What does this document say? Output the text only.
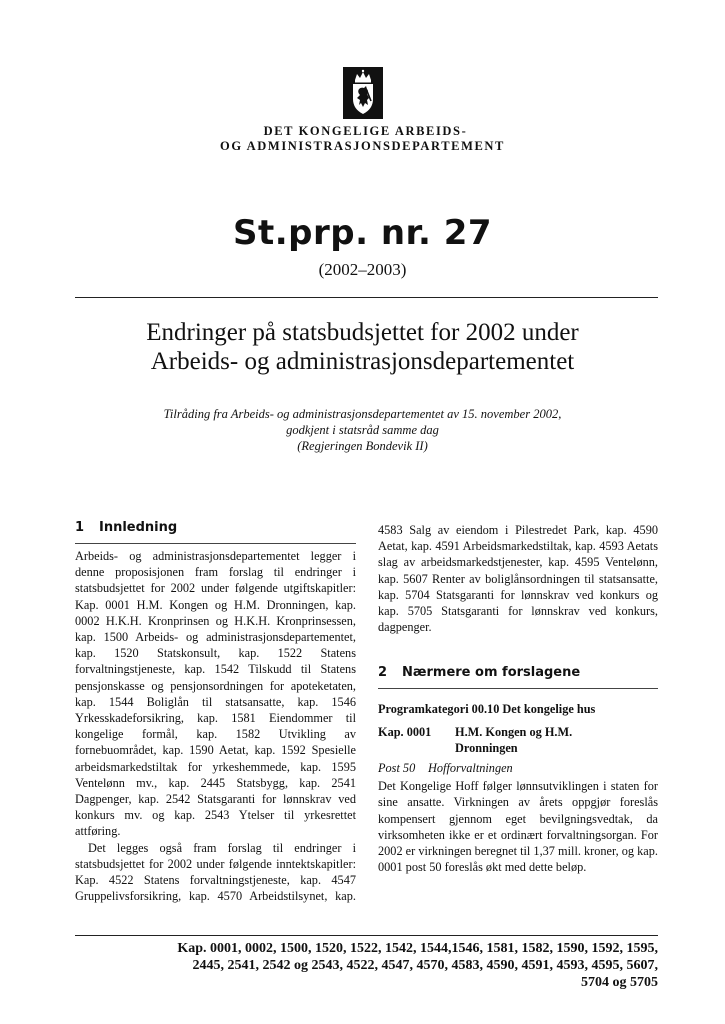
DET KONGELIGE ARBEIDS-
OG ADMINISTRASJONSDEPARTEMENT
St.prp. nr. 27
(2002–2003)
Endringer på statsbudsjettet for 2002 under
Arbeids- og administrasjonsdepartementet
Tilråding fra Arbeids- og administrasjonsdepartementet av 15. november 2002,
godkjent i statsråd samme dag
(Regjeringen Bondevik II)
1 Innledning

Arbeids- og administrasjonsdepartementet legger i denne proposisjonen fram forslag til endringer i statsbudsjettet for 2002 under følgende utgiftskapitler: Kap. 0001 H.M. Kongen og H.M. Dronningen, kap. 0002 H.K.H. Kronprinsen og H.K.H. Kronprinsessen, kap. 1500 Arbeids- og administrasjonsdepartementet, kap. 1520 Statskonsult, kap. 1522 Statens forvaltningstjeneste, kap. 1542 Tilskudd til Statens pensjonskasse og pensjonsordningen for apoteketaten, kap. 1544 Boliglån til statsansatte, kap. 1546 Yrkesskadeforsikring, kap. 1581 Eiendommer til kongelige formål, kap. 1582 Utvikling av fornebuområdet, kap. 1590 Aetat, kap. 1592 Spesielle arbeidsmarkedstiltak for yrkeshemmede, kap. 1595 Ventelønn mv., kap. 2445 Statsbygg, kap. 2541 Dagpenger, kap. 2542 Statsgaranti for lønnskrav ved konkurs mv. og kap. 2543 Ytelser til yrkesrettet attføring.

Det legges også fram forslag til endringer i statsbudsjettet for 2002 under følgende inntektskapitler: Kap. 4522 Statens forvaltningstjeneste, kap. 4547 Gruppelivsforsikring, kap. 4570 Arbeidstilsynet, kap.

4583 Salg av eiendom i Pilestredet Park, kap. 4590 Aetat, kap. 4591 Arbeidsmarkedstiltak, kap. 4593 Aetats slag av arbeidsmarkedstjenester, kap. 4595 Ventelønn, kap. 5607 Renter av boliglånsordningen til statsansatte, kap. 5704 Statsgaranti for lønnskrav ved konkurs og kap. 5705 Statsgaranti for lønnskrav ved konkurs, dagpenger.

2 Nærmere om forslagene
Programkategori 00.10 Det kongelige hus
Kap. 0001	H.M. Kongen og H.M. Dronningen
Post 50 Hofforvaltningen

Det Kongelige Hoff følger lønnsutviklingen i staten for sine ansatte. Virkningen av årets oppgjør foreslås kompensert gjennom eget bevilgningsvedtak, da virksomheten ikke er et ordinært forvaltningsorgan. For 2002 er virkningen beregnet til 1,37 mill. kroner, og kap. 0001 post 50 foreslås økt med dette beløp.

Kap. 0001, 0002, 1500, 1520, 1522, 1542, 1544,1546, 1581, 1582, 1590, 1592, 1595,
2445, 2541, 2542 og 2543, 4522, 4547, 4570, 4583, 4590, 4591, 4593, 4595, 5607,
5704 og 5705
